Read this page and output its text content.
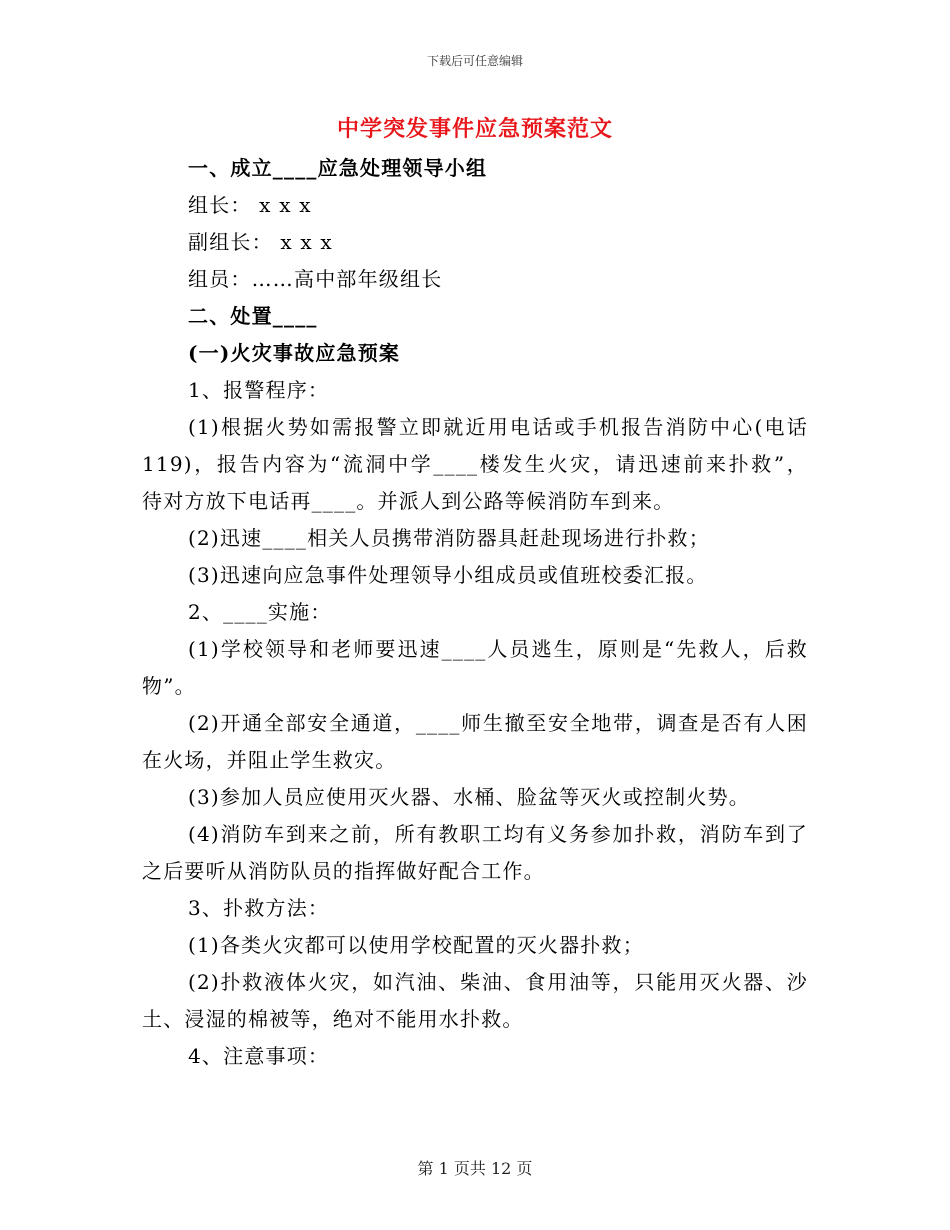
下载后可任意编辑
中学突发事件应急预案范文
一、成立____应急处理领导小组
组长： x x x
副组长： x x x
组员：……高中部年级组长
二、处置____
(一)火灾事故应急预案
1、报警程序：
(1)根据火势如需报警立即就近用电话或手机报告消防中心(电话
119)，报告内容为“流洞中学____楼发生火灾，请迅速前来扑救”，
待对方放下电话再____。并派人到公路等候消防车到来。
(2)迅速____相关人员携带消防器具赶赴现场进行扑救；
(3)迅速向应急事件处理领导小组成员或值班校委汇报。
2、____实施：
(1)学校领导和老师要迅速____人员逃生，原则是“先救人，后救
物”。
(2)开通全部安全通道，____师生撤至安全地带，调查是否有人困
在火场，并阻止学生救灾。
(3)参加人员应使用灭火器、水桶、脸盆等灭火或控制火势。
(4)消防车到来之前，所有教职工均有义务参加扑救，消防车到了
之后要听从消防队员的指挥做好配合工作。
3、扑救方法：
(1)各类火灾都可以使用学校配置的灭火器扑救；
(2)扑救液体火灾，如汽油、柴油、食用油等，只能用灭火器、沙
土、浸湿的棉被等，绝对不能用水扑救。
4、注意事项：
第 1 页共 12 页
